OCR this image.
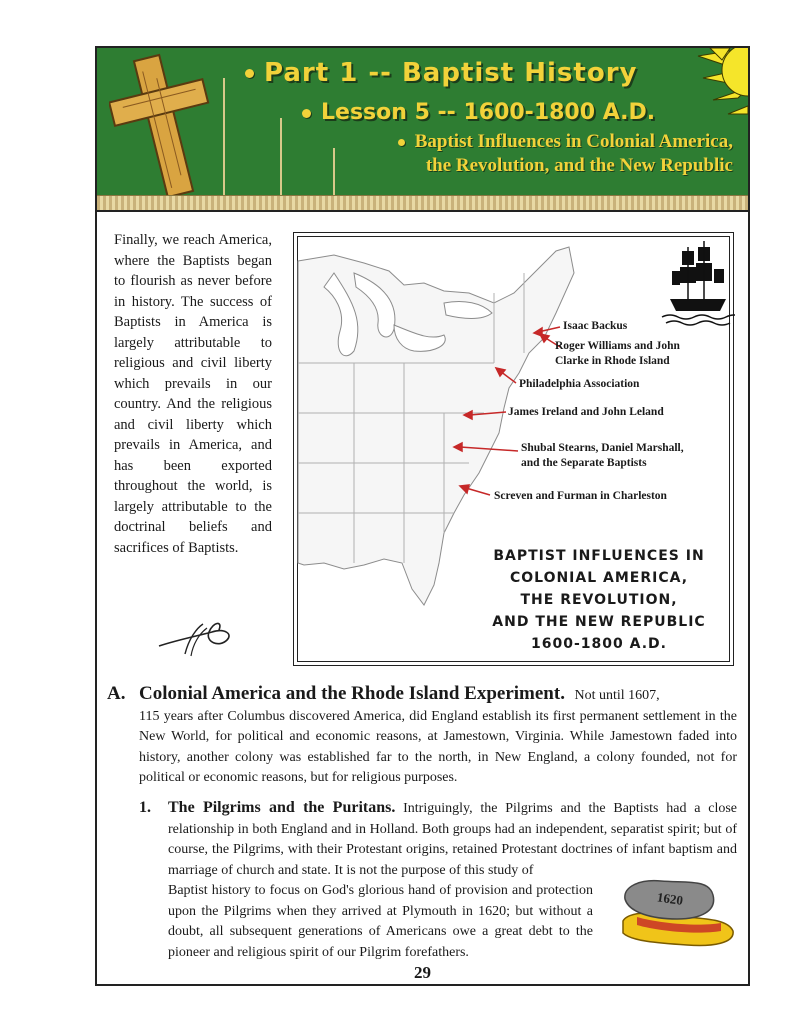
Part 1 -- Baptist History
Lesson 5 -- 1600-1800 A.D.
Baptist Influences in Colonial America,
the Revolution, and the New Republic
Finally, we reach America, where the Baptists began to flourish as never before in history. The success of Baptists in America is largely attributable to religious and civil liberty which prevails in our country. And the religious and civil liberty which prevails in America, and has been exported throughout the world, is largely attributable to the doctrinal beliefs and sacrifices of Baptists.
Isaac Backus
Roger Williams and John
Clarke in Rhode Island
Philadelphia Association
James Ireland and John Leland
Shubal Stearns, Daniel Marshall,
and the Separate Baptists
Screven and Furman in Charleston
BAPTIST INFLUENCES IN
COLONIAL AMERICA,
THE REVOLUTION,
AND THE NEW REPUBLIC
1600-1800 A.D.
A. Colonial America and the Rhode Island Experiment. Not until 1607,
115 years after Columbus discovered America, did England establish its first permanent settlement in the New World, for political and economic reasons, at Jamestown, Virginia. While Jamestown faded into history, another colony was established far to the north, in New England, a colony founded, not for political or economic reasons, but for religious purposes.
1. The Pilgrims and the Puritans. Intriguingly, the Pilgrims and the Baptists had a close relationship in both England and in Holland. Both groups had an independent, separatist spirit; but of course, the Pilgrims, with their Protestant origins, retained Protestant doctrines of infant baptism and marriage of church and state. It is not the purpose of this study of
Baptist history to focus on God's glorious hand of provision and protection upon the Pilgrims when they arrived at Plymouth in 1620; but without a doubt, all subsequent generations of Americans owe a great debt to the pioneer and religious spirit of our Pilgrim forefathers.
1620
29
